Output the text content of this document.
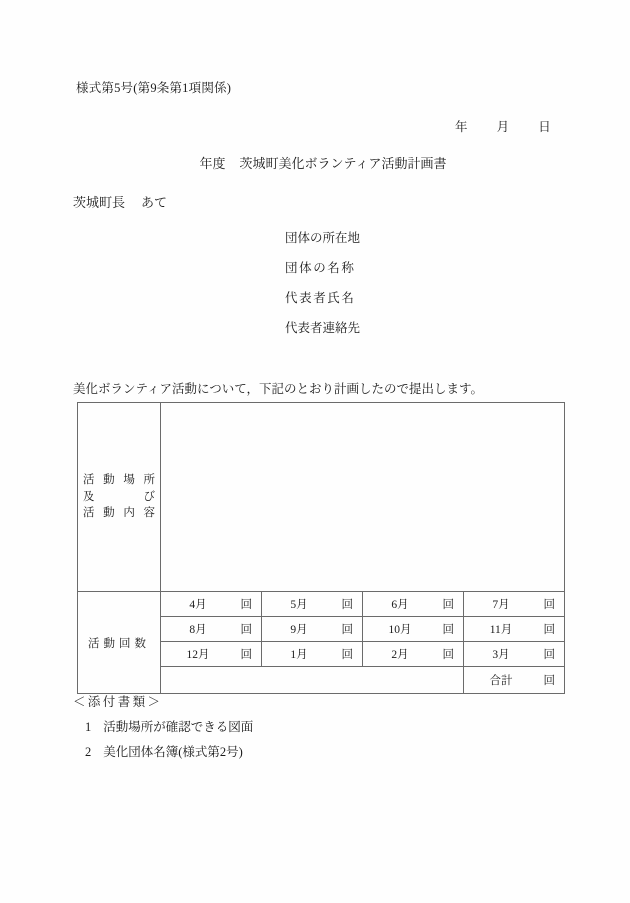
様式第5号(第9条第1項関係)
年 月 日
年度 茨城町美化ボランティア活動計画書
茨城町長 あて
団体の所在地
団体の名称
代表者氏名
代表者連絡先
美化ボランティア活動について，下記のとおり計画したので提出します。
活 動 場 所
及	び
活 動 内 容

活動回数	4月 回	5月 回	6月 回	7月 回

	8月 回	9月 回	10月 回	11月 回

	12月 回	1月 回	2月 回	3月 回

				合計 回
＜添付書類＞
1 活動場所が確認できる図面
2 美化団体名簿(様式第2号)
